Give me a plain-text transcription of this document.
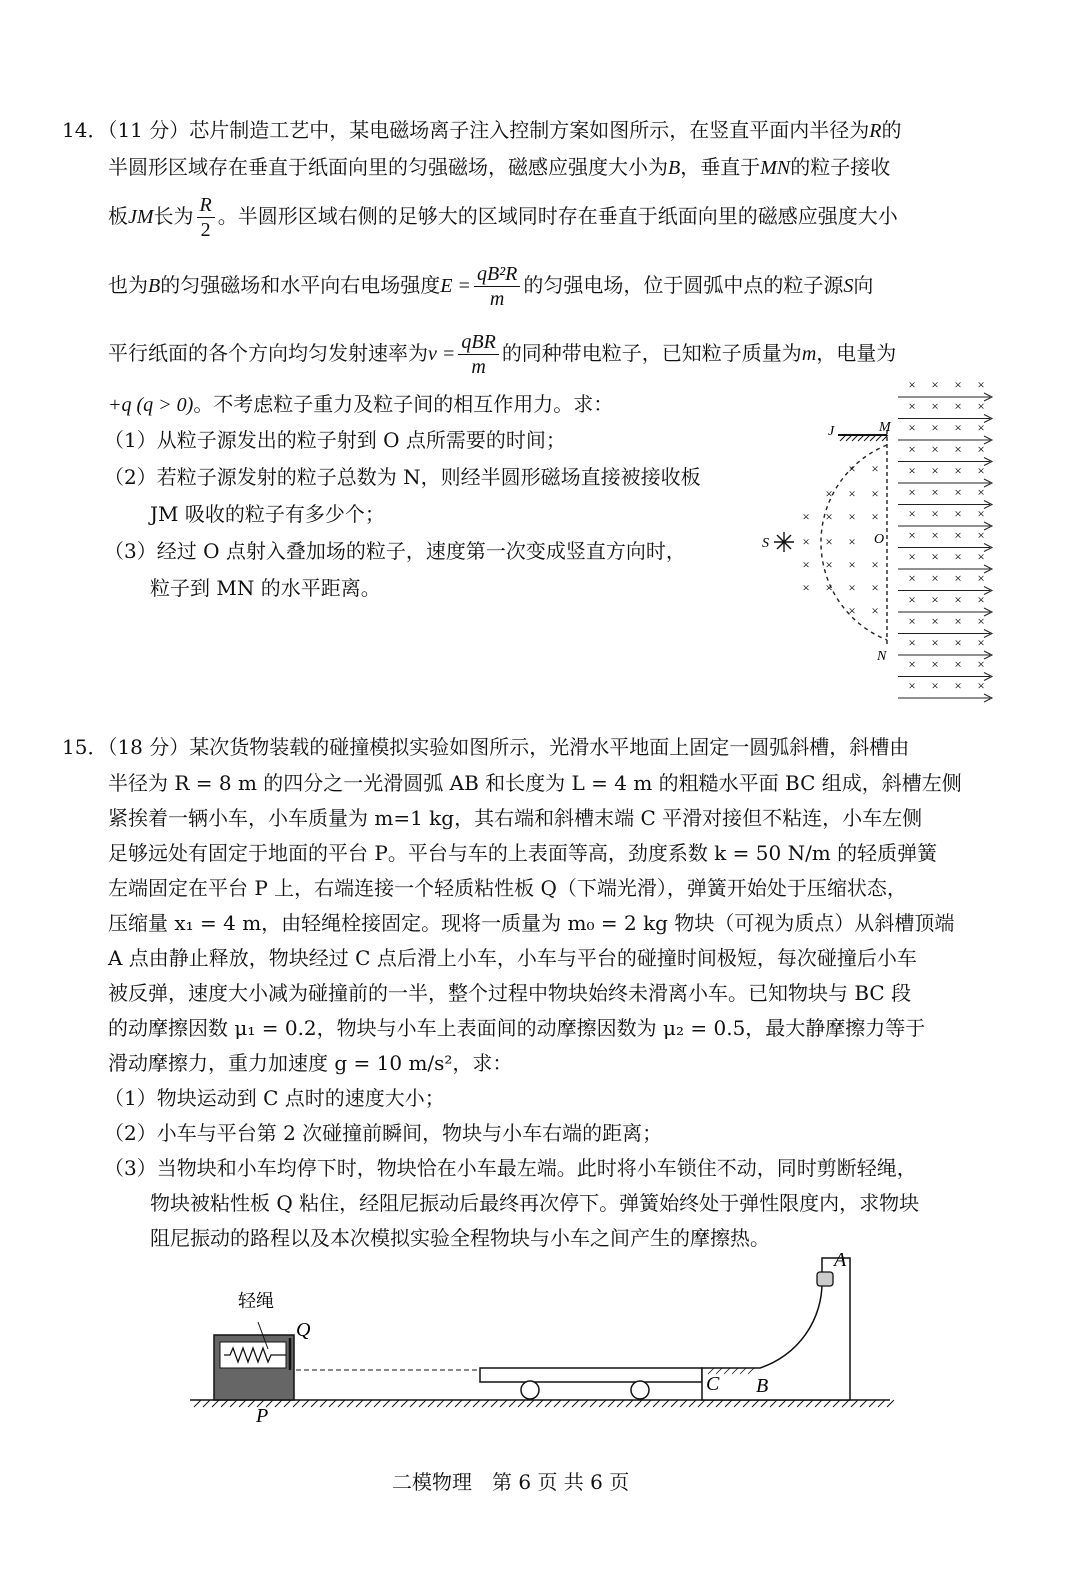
14．（11 分）芯片制造工艺中，某电磁场离子注入控制方案如图所示，在竖直平面内半径为R的
半圆形区域存在垂直于纸面向里的匀强磁场，磁感应强度大小为B，垂直于MN的粒子接收
板JM长为 $\frac{R}{2}$ 。半圆形区域右侧的足够大的区域同时存在垂直于纸面向里的磁感应强度大小
也为B的匀强磁场和水平向右电场强度$E = \frac{\text{qB²R}}{m}$ 的匀强电场，位于圆弧中点的粒子源S向
平行纸面的各个方向均匀发射速率为$v = \frac{\text{qBR}}{m}$ 的同种带电粒子，已知粒子质量为m，电量为
+q (q > 0)。不考虑粒子重力及粒子间的相互作用力。求：
（1）从粒子源发出的粒子射到 O 点所需要的时间；
（2）若粒子源发射的粒子总数为 N，则经半圆形磁场直接被接收板
JM 吸收的粒子有多少个；
（3）经过 O 点射入叠加场的粒子，速度第一次变成竖直方向时，
粒子到 MN 的水平距离。
J	M
N
O
S
× ×
× × ×
× × × ×
× × ×
× × × ×
× × × ×
× ×
× × × ×
× × × ×
× × × ×
× × × ×
× × × ×
× × × ×
× × × ×
× × × ×
× × × ×
× × × ×
× × × ×
× × × ×
× × × ×
× × × ×
× × × ×
15．（18 分）某次货物装载的碰撞模拟实验如图所示，光滑水平地面上固定一圆弧斜槽，斜槽由
半径为 R = 8 m 的四分之一光滑圆弧 AB 和长度为 L = 4 m 的粗糙水平面 BC 组成，斜槽左侧
紧挨着一辆小车，小车质量为 m=1 kg，其右端和斜槽末端 C 平滑对接但不粘连，小车左侧
足够远处有固定于地面的平台 P。平台与车的上表面等高，劲度系数 k = 50 N/m 的轻质弹簧
左端固定在平台 P 上，右端连接一个轻质粘性板 Q（下端光滑），弹簧开始处于压缩状态，
压缩量 x₁ = 4 m，由轻绳栓接固定。现将一质量为 m₀ = 2 kg 物块（可视为质点）从斜槽顶端
A 点由静止释放，物块经过 C 点后滑上小车，小车与平台的碰撞时间极短，每次碰撞后小车
被反弹，速度大小减为碰撞前的一半，整个过程中物块始终未滑离小车。已知物块与 BC 段
的动摩擦因数 μ₁ = 0.2，物块与小车上表面间的动摩擦因数为 μ₂ = 0.5，最大静摩擦力等于
滑动摩擦力，重力加速度 g = 10 m/s²，求：
（1）物块运动到 C 点时的速度大小；
（2）小车与平台第 2 次碰撞前瞬间，物块与小车右端的距离；
（3）当物块和小车均停下时，物块恰在小车最左端。此时将小车锁住不动，同时剪断轻绳，
物块被粘性板 Q 粘住，经阻尼振动后最终再次停下。弹簧始终处于弹性限度内，求物块
阻尼振动的路程以及本次模拟实验全程物块与小车之间产生的摩擦热。
轻绳
Q
P
A
B
C
二模物理　第 6 页 共 6 页
